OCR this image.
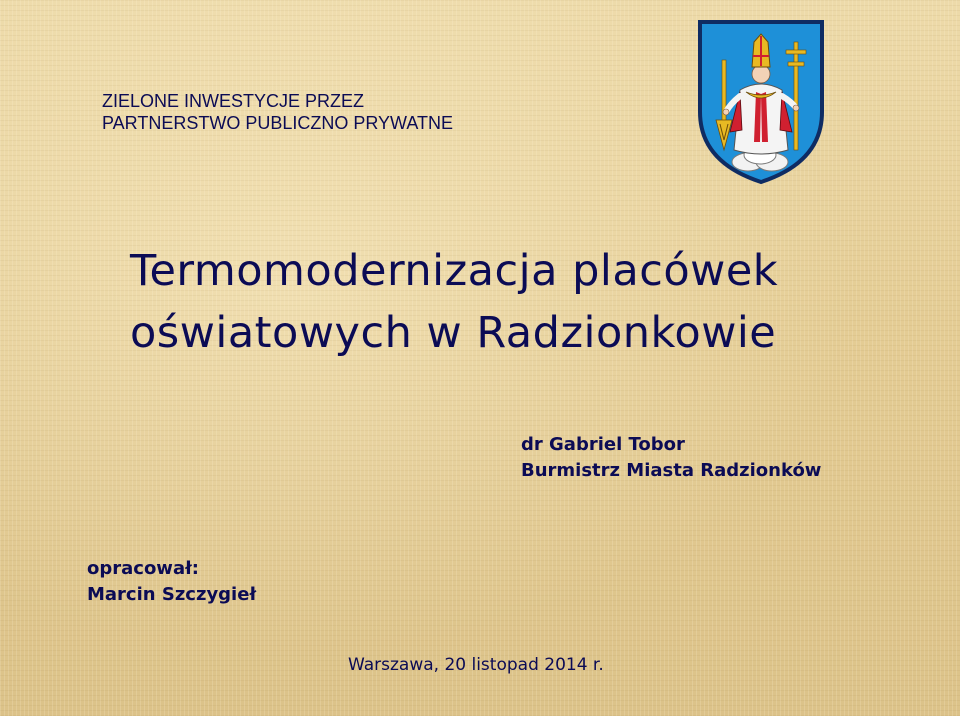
ZIELONE INWESTYCJE PRZEZ
PARTNERSTWO PUBLICZNO PRYWATNE
Termomodernizacja placówek
oświatowych w Radzionkowie
dr Gabriel Tobor
Burmistrz Miasta Radzionków
opracował:
Marcin Szczygieł
Warszawa, 20 listopad 2014 r.
